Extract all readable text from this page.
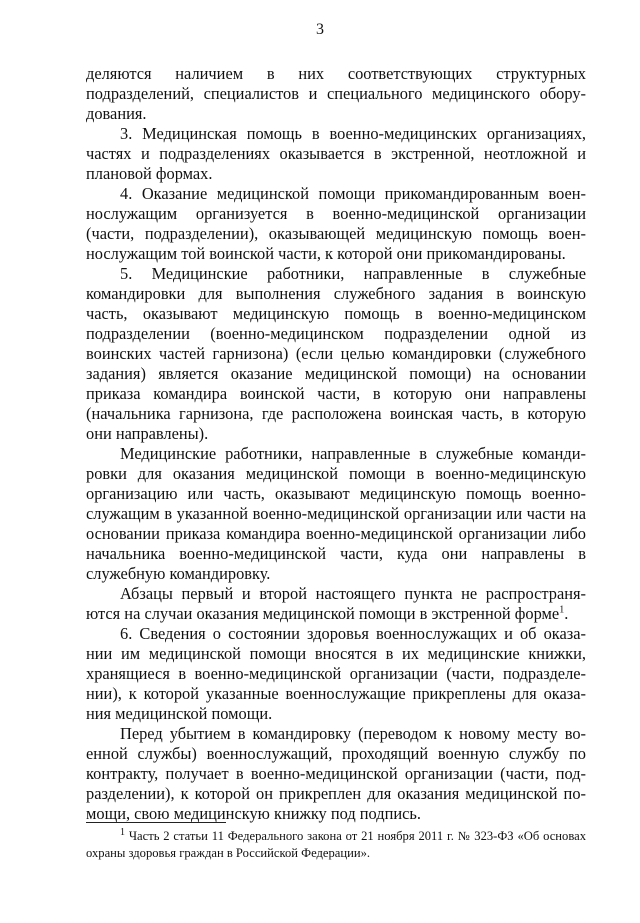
3
деляются наличием в них соответствующих структурных
подразделений, специалистов и специального медицинского обору-
дования.
3. Медицинская помощь в военно-медицинских организациях,
частях и подразделениях оказывается в экстренной, неотложной и
плановой формах.
4. Оказание медицинской помощи прикомандированным воен-
нослужащим организуется в военно-медицинской организации
(части, подразделении), оказывающей медицинскую помощь воен-
нослужащим той воинской части, к которой они прикомандированы.
5. Медицинские работники, направленные в служебные
командировки для выполнения служебного задания в воинскую
часть, оказывают медицинскую помощь в военно-медицинском
подразделении (военно-медицинском подразделении одной из
воинских частей гарнизона) (если целью командировки (служебного
задания) является оказание медицинской помощи) на основании
приказа командира воинской части, в которую они направлены
(начальника гарнизона, где расположена воинская часть, в которую
они направлены).
Медицинские работники, направленные в служебные команди-
ровки для оказания медицинской помощи в военно-медицинскую
организацию или часть, оказывают медицинскую помощь военно-
служащим в указанной военно-медицинской организации или части на
основании приказа командира военно-медицинской организации либо
начальника военно-медицинской части, куда они направлены в
служебную командировку.
Абзацы первый и второй настоящего пункта не распространя-
ются на случаи оказания медицинской помощи в экстренной форме$^1$.
6. Сведения о состоянии здоровья военнослужащих и об оказа-
нии им медицинской помощи вносятся в их медицинские книжки,
хранящиеся в военно-медицинской организации (части, подразделе-
нии), к которой указанные военнослужащие прикреплены для оказа-
ния медицинской помощи.
Перед убытием в командировку (переводом к новому месту во-
енной службы) военнослужащий, проходящий военную службу по
контракту, получает в военно-медицинской организации (части, под-
разделении), к которой он прикреплен для оказания медицинской по-
мощи, свою медицинскую книжку под подпись.
$^1$ Часть 2 статьи 11 Федерального закона от 21 ноября 2011 г. № 323-ФЗ «Об основах
охраны здоровья граждан в Российской Федерации».
